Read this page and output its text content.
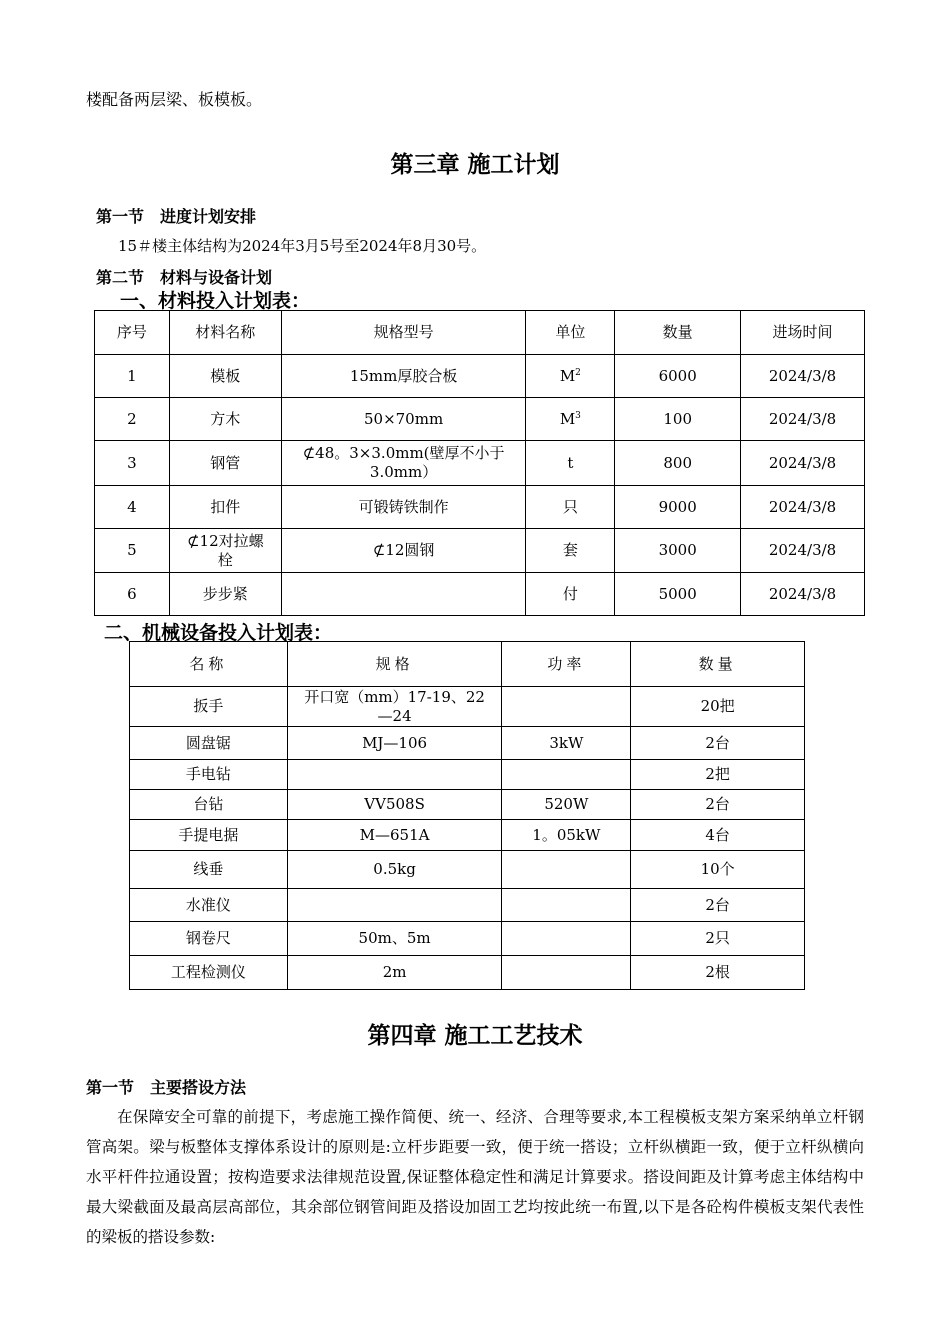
楼配备两层梁、板模板。
第三章 施工计划
第一节　进度计划安排
15＃楼主体结构为2024年3月5号至2024年8月30号。
第二节　材料与设备计划
一、材料投入计划表：
序号	材料名称	规格型号	单位	数量	进场时间
1	模板	15mm厚胶合板	$M^2$	6000	2024/3/8
2	方木	50×70mm	$M^3$	100	2024/3/8
3	钢管	⊄48。3×3.0mm(壁厚不小于3.0mm）	t	800	2024/3/8
4	扣件	可锻铸铁制作	只	9000	2024/3/8
5	⊄12对拉螺栓	⊄12圆钢	套	3000	2024/3/8
6	步步紧		付	5000	2024/3/8
二、机械设备投入计划表：
名称	规格	功率	数量
扳手	开口宽（mm）17-19、22—24		20把
圆盘锯	MJ—106	3kW	2台
手电钻			2把
台钻	VV508S	520W	2台
手提电据	M—651A	1。05kW	4台
线垂	0.5kg		10个
水准仪			2台
钢卷尺	50m、5m		2只
工程检测仪	2m		2根
第四章 施工工艺技术
第一节　主要搭设方法
在保障安全可靠的前提下，考虑施工操作简便、统一、经济、合理等要求,本工程模板支架方案采纳单立杆钢管高架。梁与板整体支撑体系设计的原则是:立杆步距要一致，便于统一搭设；立杆纵横距一致，便于立杆纵横向水平杆件拉通设置；按构造要求法律规范设置,保证整体稳定性和满足计算要求。搭设间距及计算考虑主体结构中最大梁截面及最高层高部位，其余部位钢管间距及搭设加固工艺均按此统一布置,以下是各砼构件模板支架代表性的梁板的搭设参数:
